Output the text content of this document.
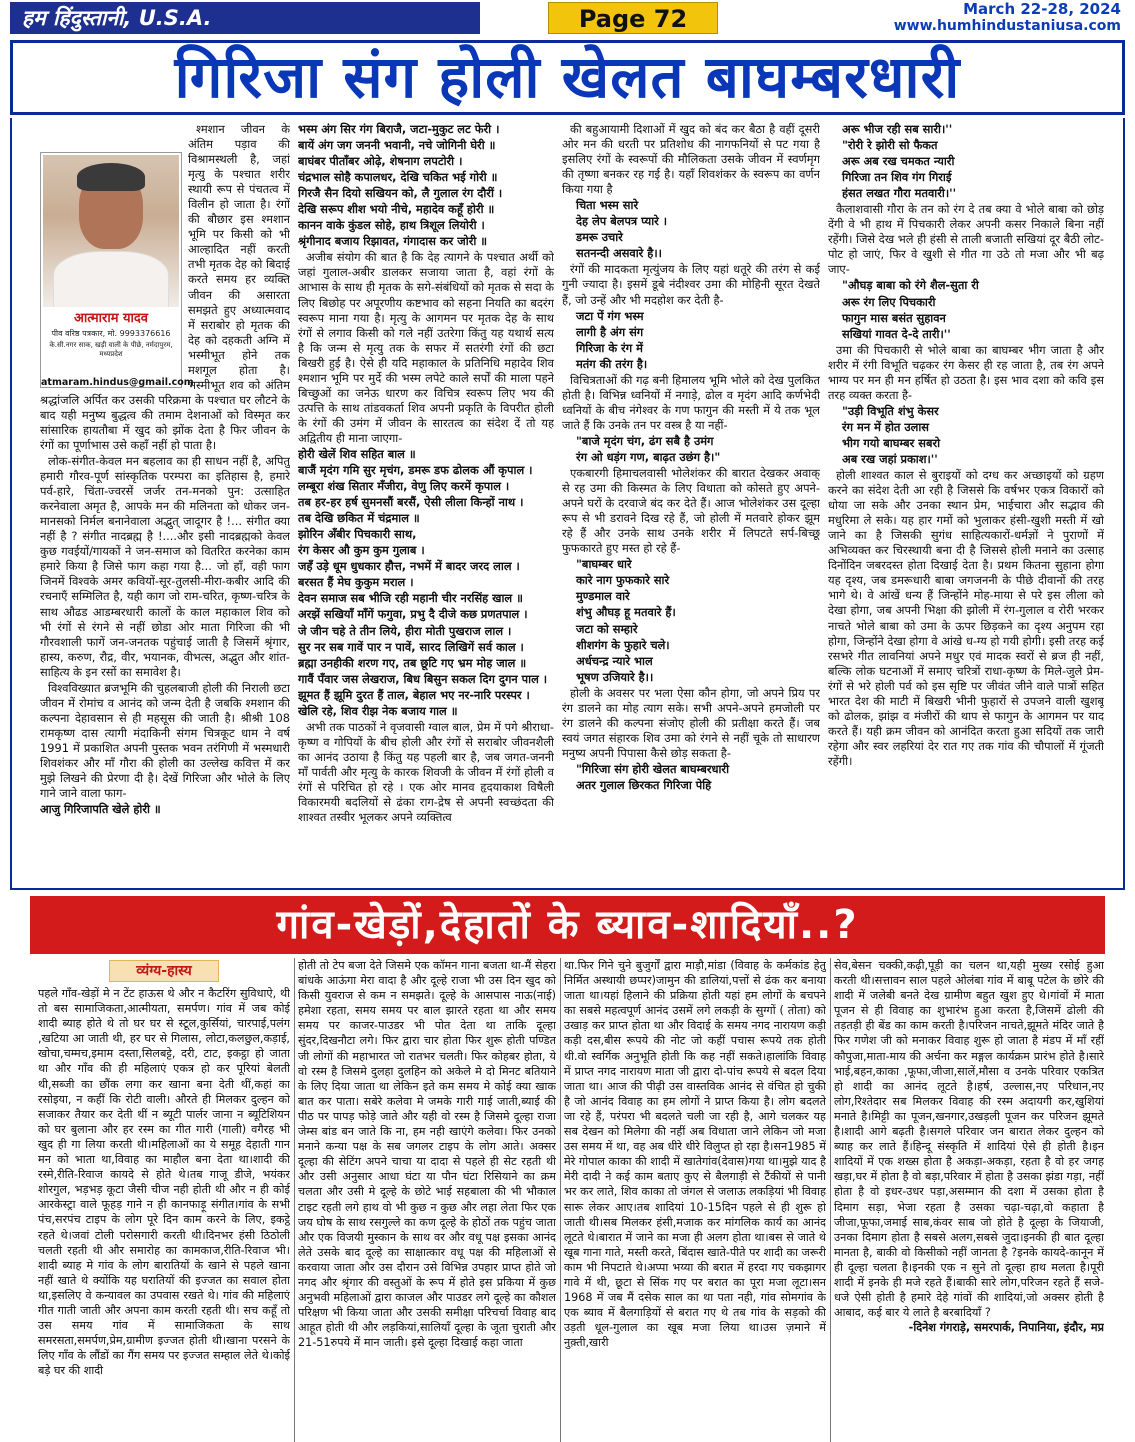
हम हिंदुस्तानी, U.S.A.	Page 72	March 22-28, 2024
www.humhindustaniusa.com
गिरिजा संग होली खेलत बाघम्बरधारी
आत्माराम यादव
पीव वरिष्ठ पत्रकार, मो. 9993376616
के.सी.नगर साक, खड़ी वाली के पीछे, नर्मदापुरम, मध्यप्रदेश
atmaram.hindus@gmail.com

श्मशान जीवन के अंतिम पड़ाव की विश्रामस्थली है, जहां मृत्यु के पश्चात शरीर स्थायी रूप से पंचतत्व में विलीन हो जाता है। रंगों की बौछार इस श्मशान भूमि पर किसी को भी आल्हादित नहीं करती तभी मृतक देह को बिदाई करते समय हर व्यक्ति जीवन की असारता समझते हुए अध्यात्मवाद में सराबोर हो मृतक की देह को दहकती अग्नि में भस्मीभूत होने तक मशगूल होता है। भस्मीभूत शव को अंतिम श्रद्धांजलि अर्पित कर उसकी परिक्रमा के पश्चात घर लौटने के बाद यही मनुष्य बुद्धत्व की तमाम देशनाओं को विस्मृत कर सांसारिक हायतौबा में खुद को झोंक देता है फिर जीवन के रंगों का पूर्णाभास उसे कहाँ नहीं हो पाता है।

लोक-संगीत-केवल मन बहलाव का ही साधन नहीं है, अपितु हमारी गौरव-पूर्ण सांस्कृतिक परम्परा का इतिहास है, हमारे पर्व-हारे, चिंता-ज्वरसें जर्जर तन-मनको पुन: उत्साहित करनेवाला अमृत है, आपके मन की मलिनता को धोकर जन-मानसको निर्मल बनानेवाला अद्भुत् जादूगर है !... संगीत क्या नहीं है ? संगीत नादब्रह्म है !....और इसी नादब्रह्मको केवल कुछ गवईयों/गायकों ने जन-समाज को वितरित करनेका काम हमारे किया है जिसे फाग कहा गया है... जो हाँ, वही फाग जिनमें विश्वके अमर कवियों-सूर-तुलसी-मीरा-कबीर आदि की रचनाएँ सम्मिलित है, यही काग जो राम-चरित, कृष्ण-चरित्र के साथ औढड आडम्बरधारी कालों के काल महाकाल शिव को भी रंगों से रंगने से नहीं छोडा ओर माता गिरिजा की भी गौरवशाली फागें जन-जनतक पहुंचाई जाती है जिसमें श्रृंगार, हास्य, करुण, रौद्र, वीर, भयानक, वीभत्स, अद्भुत और शांत- साहित्य के इन रसों का समावेश है।

विश्वविख्यात ब्रजभूमि की चुहलबाजी होली की निराली छटा जीवन में रोमांच व आनंद को जन्म देती है जबकि श्मशान की कल्पना देहावसान से ही महसूस की जाती है। श्रीश्री 108 रामकृष्ण दास त्यागी मंदाकिनी संगम चित्रकूट धाम ने वर्ष 1991 में प्रकाशित अपनी पुस्तक भवन तरंगिणी में भस्मधारी शिवशंकर और माँ गौरा की होली का उल्लेख कवित्त में कर मुझे लिखने की प्रेरणा दी है। देखें गिरिजा और भोले के लिए गाने जाने वाला फाग-

आजु गिरिजापति खेले होरी ॥

भस्म अंग सिर गंग बिराजै, जटा-मुकुट लट फेरी ।

बायें अंग जग जननी भवानी, नचे जोगिनी घेरी ॥

बाघंबर पीताँबर ओढ़े, शेषनाग लपटोरी ।

चंद्रभाल सोहै कपालधर, देखि चकित भई गोरी ॥

गिरजै सैन दियो सखियन को, लै गुलाल रंग दौरीं ।

देखि सरूप शीश भयो नीचे, महादेव कहूँ होरी ॥

कानन वाके कुंडल सोहे, हाथ त्रिशूल लियोरी ।

श्रृंगीनाद बजाय रिझावत, गंगादास कर जोरी ॥

अजीब संयोग की बात है कि देह त्यागने के पश्चात अर्थी को जहां गुलाल-अबीर डालकर सजाया जाता है, वहां रंगों के आभास के साथ ही मृतक के सगे-संबंधियों को मृतक से सदा के लिए बिछोह पर अपूरणीय कष्टभाव को सहना नियति का बदरंग स्वरूप माना गया है। मृत्यु के आगमन पर मृतक देह के साथ रंगों से लगाव किसी को गले नहीं उतरेगा किंतु यह यथार्थ सत्य है कि जन्म से मृत्यु तक के सफर में सतरंगी रंगों की छटा बिखरी हुई है। ऐसे ही यदि महाकाल के प्रतिनिधि महादेव शिव श्मशान भूमि पर मुर्दे की भस्म लपेटे काले सर्पों की माला पहने बिच्छुओं का जनेऊ धारण कर विचित्र स्वरूप लिए भय की उत्पत्ति के साथ तांडवकर्ता शिव अपनी प्रकृति के विपरीत होली के रंगों की उमंग में जीवन के सारतत्व का संदेश दें तो यह अद्वितीय ही माना जाएगा-

होरी खेलें शिव सहित बाल ॥

बाजैं मृदंग गमि सुर मृचंग, डमरू डफ ढोलक औं कृपाल ।

लम्बूरा शंख सितार मँजीरा, वेणु लिए करमें कृपाल ।

तब हर-हर हर्ष सुमनसौं बरसैं, ऐसी लीला किन्हों नाथ ।

तब देखि छकित में चंद्रमाल ॥

झोरिन अँबीर पिचकारी साथ,

रंग केसर औ कुम कुम गुलाब ।

जहँ उड़े धूम धुधकार हौत्त, नभमें में बादर जरद लाल ।

बरसत हैं मेघ कुकुम मराल ।

देवन समाज सब भीजि रही महानी चीर नरसिंह खाल ॥

अरझें सखियाँ माँगें फगुवा, प्रभु दै दीजे कछ प्रणतपाल ।

जे जीन चहे ते तीन लिये, हीरा मोती पुखराज लाल ।

सुर नर सब गावें पार न पावें, सारद लिखिगें सर्व काल ।

ब्रह्मा उनहीकी शरण गए, तब छूटि गए भ्रम मोह जाल ॥

गावैं पँवार जस लेखराज, बिध बिसुन सकल दिग दुगन पाल ।

झूमत हैं झूमि दुरत हैं ताल, बेहाल भए नर-नारि परस्पर ।

खेलि रहे, शिव रीझ नेक बजाय गाल ॥

अभी तक पाठकों ने वृजवासी ग्वाल बाल, प्रेम में पगे श्रीराधा-कृष्ण व गोपियों के बीच होली और रंगों से सराबोर जीवनशैली का आनंद उठाया है किंतु यह पहली बार है, जब जगत-जननी माँ पार्वती और मृत्यु के कारक शिवजी के जीवन में रंगों होली व रंगों से परिचित हो रहे । एक ओर मानव हृदयाकाश विषैली विकारमयी बदलियों से ढंका राग-द्रेष से अपनी स्वच्छंदता की शाश्वत तस्वीर भूलकर अपने व्यक्तित्व

की बहुआयामी दिशाओं में खुद को बंद कर बैठा है वहीं दूसरी ओर मन की धरती पर प्रतिशोध की नागफनियों से पट गया है इसलिए रंगों के स्वरूपों की मौलिकता उसके जीवन में स्वर्णमृग की तृष्णा बनकर रह गई है। यहाँ शिवशंकर के स्वरूप का वर्णन किया गया है

चिता भस्म सारे

देह लेप बेलपत्र प्यारे ।

डमरू उचारे

सतनन्दी असवारे है।।

रंगों की मादकता मृत्युंजय के लिए यहां धतूरे की तरंग से कई गुनी ज्यादा है। इसमें डूबे नंदीश्वर उमा की मोहिनी सूरत देखते हैं, जो उन्हें और भी मदहोश कर देती है-

जटा पें गंग भस्म

लागी है अंग संग

गिरिजा के रंग में

मतंग की तरंग है।

विचित्रताओं की गढ़ बनी हिमालय भूमि भोले को देख पुलकित होती है। विभिन्न ध्वनियों में नगाड़े, ढोल व मृदंग आदि कर्णभेदी ध्वनियों के बीच नंगेश्वर के गण फागुन की मस्ती में ये तक भूल जाते हैं कि उनके तन पर वस्त्र है या नहीं-

"बाजे मृदंग चंग, ढंग सबै है उमंग

रंग ओ धड़ंग गण, बाढ़त उछंग है।"

एकबारगी हिमाचलवासी भोलेशंकर की बारात देखकर अवाक् से रह उमा की किस्मत के लिए विधाता को कोसते हुए अपने-अपने घरों के दरवाजे बंद कर देते हैं। आज भोलेशंकर उस दूल्हा रूप से भी डरावने दिख रहे हैं, जो होली में मतवारे होकर झूम रहे हैं और उनके साथ उनके शरीर में लिपटते सर्प-बिच्छू फुफकारते हुए मस्त हो रहे हैं-

"बाघम्बर धारे

कारे नाग फुफकारे सारे

मुण्डमाल वारे

शंभु औघड़ हू मतवारे हैं।

जटा को सम्हारे

शीशगंग के फुहारे चले।

अर्धचन्द्र न्यारे भाल

भूषण उजियारे है।।

होली के अवसर पर भला ऐसा कौन होगा, जो अपने प्रिय पर रंग डालने का मोह त्याग सके। सभी अपने-अपने हमजोली पर रंग डालने की कल्पना संजोए होली की प्रतीक्षा करते हैं। जब स्वयं जगत संहारक शिव उमा को रंगने से नहीं चूके तो साधारण मनुष्य अपनी पिपासा कैसे छोड़ सकता है-

"गिरिजा संग होरी खेलत बाघम्बरधारी

अतर गुलाल छिरकत गिरिजा पेहि

अरू भीज रही सब सारी।''

"रोरी रे झोरी सो फैकत

अरू अब रख चमकत न्यारी

गिरिजा तन शिव गंग गिराई

हंसत लखत गौरा मतवारी।''

कैलाशवासी गौरा के तन को रंग दे तब क्या वे भोले बाबा को छोड़ देंगी वे भी हाथ में पिचकारी लेकर अपनी कसर निकाले बिना नहीं रहेंगी। जिसे देख भले ही हंसी से ताली बजाती सखियां दूर बैठी लोट-पोट हो जाएं, फिर वे खुशी से गीत गा उठे तो मजा और भी बढ़ जाए-

"औघड़ बाबा को रंगे शैल-सुता री

अरू रंग लिए पिचकारी

फागुन मास बसंत सुहावन

सखियां गावत दे-दे तारी।''

उमा की पिचकारी से भोले बाबा का बाघम्बर भीग जाता है और शरीर में रंगी विभूति चढ़कर रंग केसर ही रह जाता है, तब रंग अपने भाग्य पर मन ही मन हर्षित हो उठता है। इस भाव दशा को कवि इस तरह व्यक्त करता है-

"उड़ी विभूति शंभु केसर

रंग मन में होत उलास

भीग गयो बाघम्बर सबरो

अब रख जहां प्रकाश।''

होली शाश्वत काल से बुराइयों को दग्ध कर अच्छाइयों को ग्रहण करने का संदेश देती आ रही है जिससे कि वर्षभर एकत्र विकारों को धोया जा सके और उनका स्थान प्रेम, भाईचारा और सद्भाव की मधुरिमा ले सके। यह हार गमों को भुलाकर हंसी-खुशी मस्ती में खो जाने का है जिसकी सुगंध साहित्यकारों-धर्मज्ञों ने पुराणों में अभिव्यक्त कर चिरस्थायी बना दी है जिससे होली मनाने का उत्साह दिनोंदिन जबरदस्त होता दिखाई देता है। प्रथम कितना सुहाना होगा यह दृश्य, जब डमरूधारी बाबा जगजननी के पीछे दीवानों की तरह भागे थे। वे आंखें धन्य हैं जिन्होंने मोह-माया से परे इस लीला को देखा होगा, जब अपनी भिक्षा की झोली में रंग-गुलाल व रोरी भरकर नाचते भोले बाबा को उमा के ऊपर छिड़कने का दृश्य अनुपम रहा होगा, जिन्होंने देखा होगा वे आंखे ध-ग्य हो गयी होगी। इसी तरह कई रसभरे गीत लावनियां अपने मधुर एवं मादक स्वरों से ब्रज ही नहीं, बल्कि लोक घटनाओं में समाए चरित्रों राधा-कृष्ण के मिले-जुले प्रेम-रंगों से भरे होली पर्व को इस सृष्टि पर जीवंत जीने वाले पात्रों सहित भारत देश की माटी में बिखरी भीनी फुहारों से उपजने वाली खुशबू को ढोलक, झांझ व मंजीरों की थाप से फागुन के आगमन पर याद करते हैं। यही क्रम जीवन को आनंदित करता हुआ सदियों तक जारी रहेगा और स्वर लहरियां देर रात गए तक गांव की चौपालों में गूंजती रहेंगी।

गांव-खेड़ों,देहातों के ब्याव-शादियाँ..?
व्यंग्य-हास्य

पहले गाँव-खेड़ों मे न टेंट हाऊस थे और न कैटरिंग सुविधाऐ, थी तो बस सामाजिकता,आत्मीयता, समर्पण। गांव में जब कोई शादी ब्याह होते थे तो घर घर से स्टूल,कुर्सियां, चारपाई,पलंग ,खटिया आ जाती थी, हर घर से गिलास, लोटा,कलछुल,कड़ाई, खोचा,चम्मच,इमाम दस्ता,सिलबट्टे, दरी, टाट, इकट्ठा हो जाता था और गाँव की ही महिलाएं एकत्र हो कर पूरियां बेलती थी,सब्जी का छौंक लगा कर खाना बना देती थीं,कहां का रसोइया, न कहीं कि रोटी वाली। औरते ही मिलकर दुल्हन को सजाकर तैयार कर देती थीं न ब्यूटी पार्लर जाना न ब्यूटिशियन को घर बुलाना और हर रस्म का गीत गारी (गाली) वगैरह भी खुद ही गा लिया करती थी।महिलाओं का ये समूह देहाती गान मन को भाता था,विवाह का माहौल बना देता था।शादी की रस्मे,रीति-रिवाज कायदे से होते थे।तब गाजू डीजे, भयंकर शोरगुल, भड़भड़ कूटा जैसी चीज नही होती थी और न ही कोई आरकेस्ट्रा वाले फूहड़ गाने न ही कानफाड़ू संगीत।गांव के सभी पंच,सरपंच टाइप के लोग पूरे दिन काम करने के लिए, इकट्ठे रहते थे।जवां टोली परोसगारी करती थी।दिनभर हंसी ठिठोली चलती रहती थी और समारोह का कामकाज,रीति-रिवाज भी। शादी ब्याह मे गांव के लोग बारातियों के खाने से पहले खाना नहीं खाते थे क्योंकि यह घरातियों की इज्जत का सवाल होता था,इसलिए वे कन्यावल का उपवास रखते थे। गांव की महिलाएं गीत गाती जाती और अपना काम करती रहती थी। सच कहूँ तो उस समय गांव में सामाजिकता के साथ समरसता,समर्पण,प्रेम,ग्रामीण इज्जत होती थी।खाना परसने के लिए गाँव के लौंडों का गैंग समय पर इज्जत सम्हाल लेते थे।कोई बड़े घर की शादी

होती तो टेप बजा देते जिसमे एक कॉमन गाना बजता था-मैं सेहरा बांधके आऊंगा मेरा वादा है और दूल्हे राजा भी उस दिन खुद को किसी युवराज से कम न समझते। दूल्हे के आसपास नाऊ(नाई) हमेशा रहता, समय समय पर बाल झारते रहता था और समय समय पर काजर-पाउडर भी पोत देता था ताकि दूल्हा सुंदर,दिखनौटा लगे। फिर द्वारा चार होता फिर शुरू होती पण्डित जी लोगों की महाभारत जो रातभर चलती। फिर कोहबर होता, ये वो रस्म है जिसमे दुलहा दुलहिन को अकेले मे दो मिनट बतियाने के लिए दिया जाता था लेकिन इते कम समय मे कोई क्या खाक बात कर पाता। सबेरे कलेवा मे जमके गारी गाई जाती,ब्याई की पीठ पर पापड़ फोड़े जाते और यही वो रस्म है जिसमे दूल्हा राजा जेम्स बांड बन जाते कि ना, हम नही खाएंगे कलेवा। फिर उनको मनाने कन्या पक्ष के सब जगलर टाइप के लोग आते। अक्सर दूल्हा की सेटिंग अपने चाचा या दादा से पहले ही सेट रहती थी और उसी अनुसार आधा घंटा या पौन घंटा रिसियाने का क्रम चलता और उसी मे दूल्हे के छोटे भाई सहबाला की भी भौकाल टाइट रहती लगे हाथ वो भी कुछ न कुछ और लहा लेता फिर एक जय घोष के साथ रसगुल्ले का कण दूल्हे के होठों तक पहुंच जाता और एक विजयी मुस्कान के साथ वर और वधू पक्ष इसका आनंद लेते उसके बाद दूल्हे का साक्षात्कार वधू पक्ष की महिलाओं से करवाया जाता और उस दौरान उसे विभिन्न उपहार प्राप्त होते जो नगद और श्रृंगार की वस्तुओं के रूप में होते इस प्रकिया में कुछ अनुभवी महिलाओं द्वारा काजल और पाउडर लगे दूल्हे का कौशल परिक्षण भी किया जाता और उसकी समीक्षा परिचर्चा विवाह बाद आहूत होती थी और लड़कियां,सालियाँ दूल्हा के जूता चुराती और 21-51रुपये में मान जाती। इसे दूल्हा दिखाई कहा जाता

था.फिर गिने चुने बुजुर्गों द्वारा माड़ौ,मांडा (विवाह के कर्मकांड हेतु निर्मित अस्थायी छप्पर)जामुन की डालियां,पत्तों से ढंक कर बनाया जाता था।यहां हिलाने की प्रक्रिया होती यहां हम लोगों के बचपने का सबसे महत्वपूर्ण आनंद उसमें लगे लकड़ी के सुग्गों ( तोता) को उखाड़ कर प्राप्त होता था और विदाई के समय नगद नारायण कड़ी कड़ी दस,बीस रूपये की नोट जो कहीं पचास रूपये तक होती थी.वो स्वर्गिक अनुभूति होती कि कह नहीं सकते।हालांकि विवाह में प्राप्त नगद नारायण माता जी द्वारा दो-पांच रूपये से बदल दिया जाता था। आज की पीढ़ी उस वास्तविक आनंद से वंचित हो चुकी है जो आनंद विवाह का हम लोगों ने प्राप्त किया है। लोग बदलते जा रहे हैं, परंपरा भी बदलते चली जा रही है, आगे चलकर यह सब देखन को मिलेगा की नहीं अब विधाता जाने लेकिन जो मजा उस समय में था, वह अब धीरे धीरे विलुप्त हो रहा है।सन1985 में मेरे गोपाल काका की शादी में खातेगांव(देवास)गया था।मुझे याद है मेरी दादी ने कई काम बताए कुए से बैलगाड़ी से टैंकीयों से पानी भर कर लाते, शिव काका तो जंगल से जलाऊ लकड़ियां भी विवाह सारू लेकर आए।तब शादियां 10-15दिन पहले से ही शुरू हो जाती थी।सब मिलकर हंसी,मजाक कर मांगलिक कार्य का आनंद लूटते थे।बारात में जाने का मजा ही अलग होता था।बस से जाते थे खूब गाना गाते, मस्ती करते, बिंदास खाते-पीते पर शादी का जरूरी काम भी निपटाते थे।अप्पा भय्या की बरात में हरदा गए चकझागर गावे में थी, छूटा से सिंक गए पर बरात का पूरा मजा लूटा।सन 1968 में जब मैं दसेक साल का था पता नही, गांव सोमगांव के एक ब्याव में बैलगाड़ियों से बरात गए थे तब गांव के सड़को की उड़ती धूल-गुलाल का खूब मजा लिया था।उस ज़माने में नुक़्ती,खारी

सेव,बेसन चक्की,कढ़ी,पूड़ी का चलन था,यही मुख्य रसोई हुआ करती थी।सत्तावन साल पहले ओलंबा गांव में बाबू पटेल के छोरे की शादी में जलेबी बनते देख ग्रामीण बहुत खुश हुए थे।गांवों में माता पूजन से ही विवाह का शुभारंभ हुआ करता है,जिसमें ढोली की तड़तड़ी ही बेंड का काम करती है।परिजन नाचते,झूमते मंदिर जाते है फिर गणेश जी को मनाकर विवाह शुरू हो जाता है मंडप में माँ रहीं कौपुजा,माता-माय की अर्चना कर मङ्गल कार्यक्रम प्रारंभ होते है।सारे भाई,बहन,काका ,फूफा,जीजा,सालें,मौसा व उनके परिवार एकत्रित हो शादी का आनंद लूटते है।हर्ष, उल्लास,नए परिधान,नए लोग,रिश्तेदार सब मिलकर विवाह की रस्म अदायगी कर,खुशियां मनाते है।मिट्टी का पूजन,खनगार,उखड़ली पूजन कर परिजन झूमते है।शादी आगे बढ़ती है।सगले परिवार जन बारात लेकर दुल्हन को ब्याह कर लाते हैं।हिन्दू संस्कृति में शादियां ऐसे ही होती है।इन शादियों में एक शख्स होता है अकड़ा-अकड़ा, रहता है वो हर जगह खड़ा,घर में होता है वो बड़ा,परिवार में होता है उसका झंडा गड़ा, नहीं होता है वो इधर-उधर पड़ा,असम्मान की दशा में उसका होता है दिमाग सड़ा, भेजा रहता है उसका चढ़ा-चढ़ा,वो कहाता है जीजा,फूफा,जमाई साब,कंवर साब जो होते है दूल्हा के जियाजी, उनका दिमाग होता है सबसे अलग,सबसे जुदा।इनकी ही बात दूल्हा मानता है, बाकी वो किसीको नहीं जानता है ?इनके कायदे-कानून में ही दूल्हा चलता है।इनकी एक न सुने तो दूल्हा हाथ मलता है।पूरी शादी में इनके ही मजे रहते हैं।बाकी सारे लोग,परिजन रहते हैं सजे-धजे ऐसी होती है हमारे देहे गांवों की शादियां,जो अक्सर होती है आबाद, कई बार ये लाते है बरबादियाँ ?

-दिनेश गंगराड़े, समरपार्क, निपानिया, इंदौर, मप्र
